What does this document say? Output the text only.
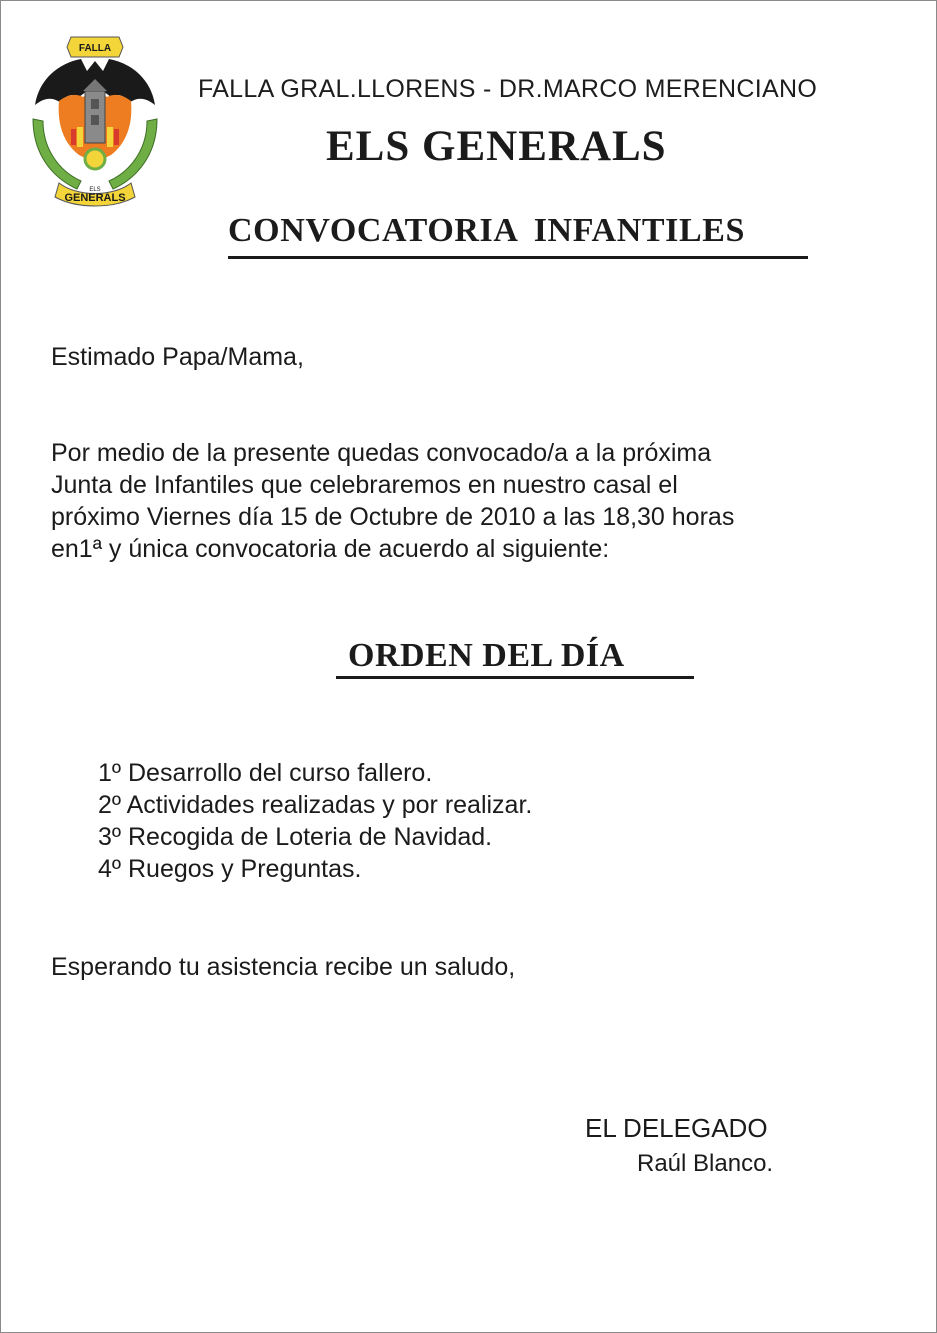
FALLA
ELS
GENERALS
FALLA GRAL.LLORENS - DR.MARCO MERENCIANO
ELS GENERALS
CONVOCATORIA INFANTILES
Estimado Papa/Mama,
Por medio de la presente quedas convocado/a a la próxima
Junta de Infantiles que celebraremos en nuestro casal el
próximo Viernes día 15 de Octubre de 2010 a las 18,30 horas
en1ª y única convocatoria de acuerdo al siguiente:
ORDEN DEL DÍA
1º Desarrollo del curso fallero.
2º Actividades realizadas y por realizar.
3º Recogida de Loteria de Navidad.
4º Ruegos y Preguntas.
Esperando tu asistencia recibe un saludo,
EL DELEGADO
Raúl Blanco.
